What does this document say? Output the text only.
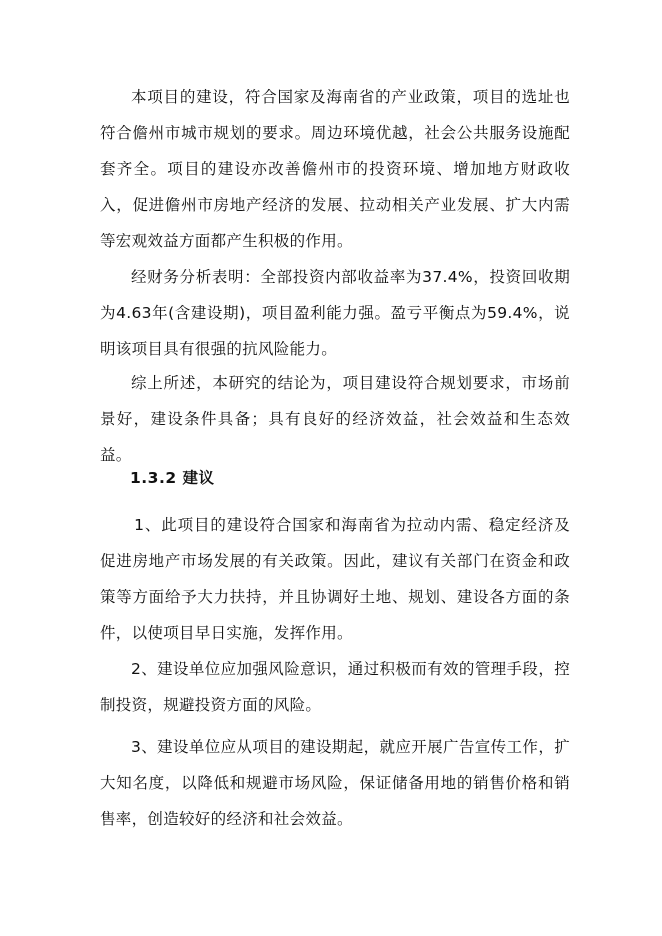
本项目的建设，符合国家及海南省的产业政策，项目的选址也符合儋州市城市规划的要求。周边环境优越，社会公共服务设施配套齐全。项目的建设亦改善儋州市的投资环境、增加地方财政收入，促进儋州市房地产经济的发展、拉动相关产业发展、扩大内需等宏观效益方面都产生积极的作用。

经财务分析表明：全部投资内部收益率为37.4%，投资回收期为4.63年(含建设期)，项目盈利能力强。盈亏平衡点为59.4%，说明该项目具有很强的抗风险能力。

综上所述，本研究的结论为，项目建设符合规划要求，市场前景好，建设条件具备；具有良好的经济效益，社会效益和生态效益。

1.3.2 建议

1、此项目的建设符合国家和海南省为拉动内需、稳定经济及促进房地产市场发展的有关政策。因此，建议有关部门在资金和政策等方面给予大力扶持，并且协调好土地、规划、建设各方面的条件，以使项目早日实施，发挥作用。

2、建设单位应加强风险意识，通过积极而有效的管理手段，控制投资，规避投资方面的风险。

3、建设单位应从项目的建设期起，就应开展广告宣传工作，扩大知名度，以降低和规避市场风险，保证储备用地的销售价格和销售率，创造较好的经济和社会效益。
